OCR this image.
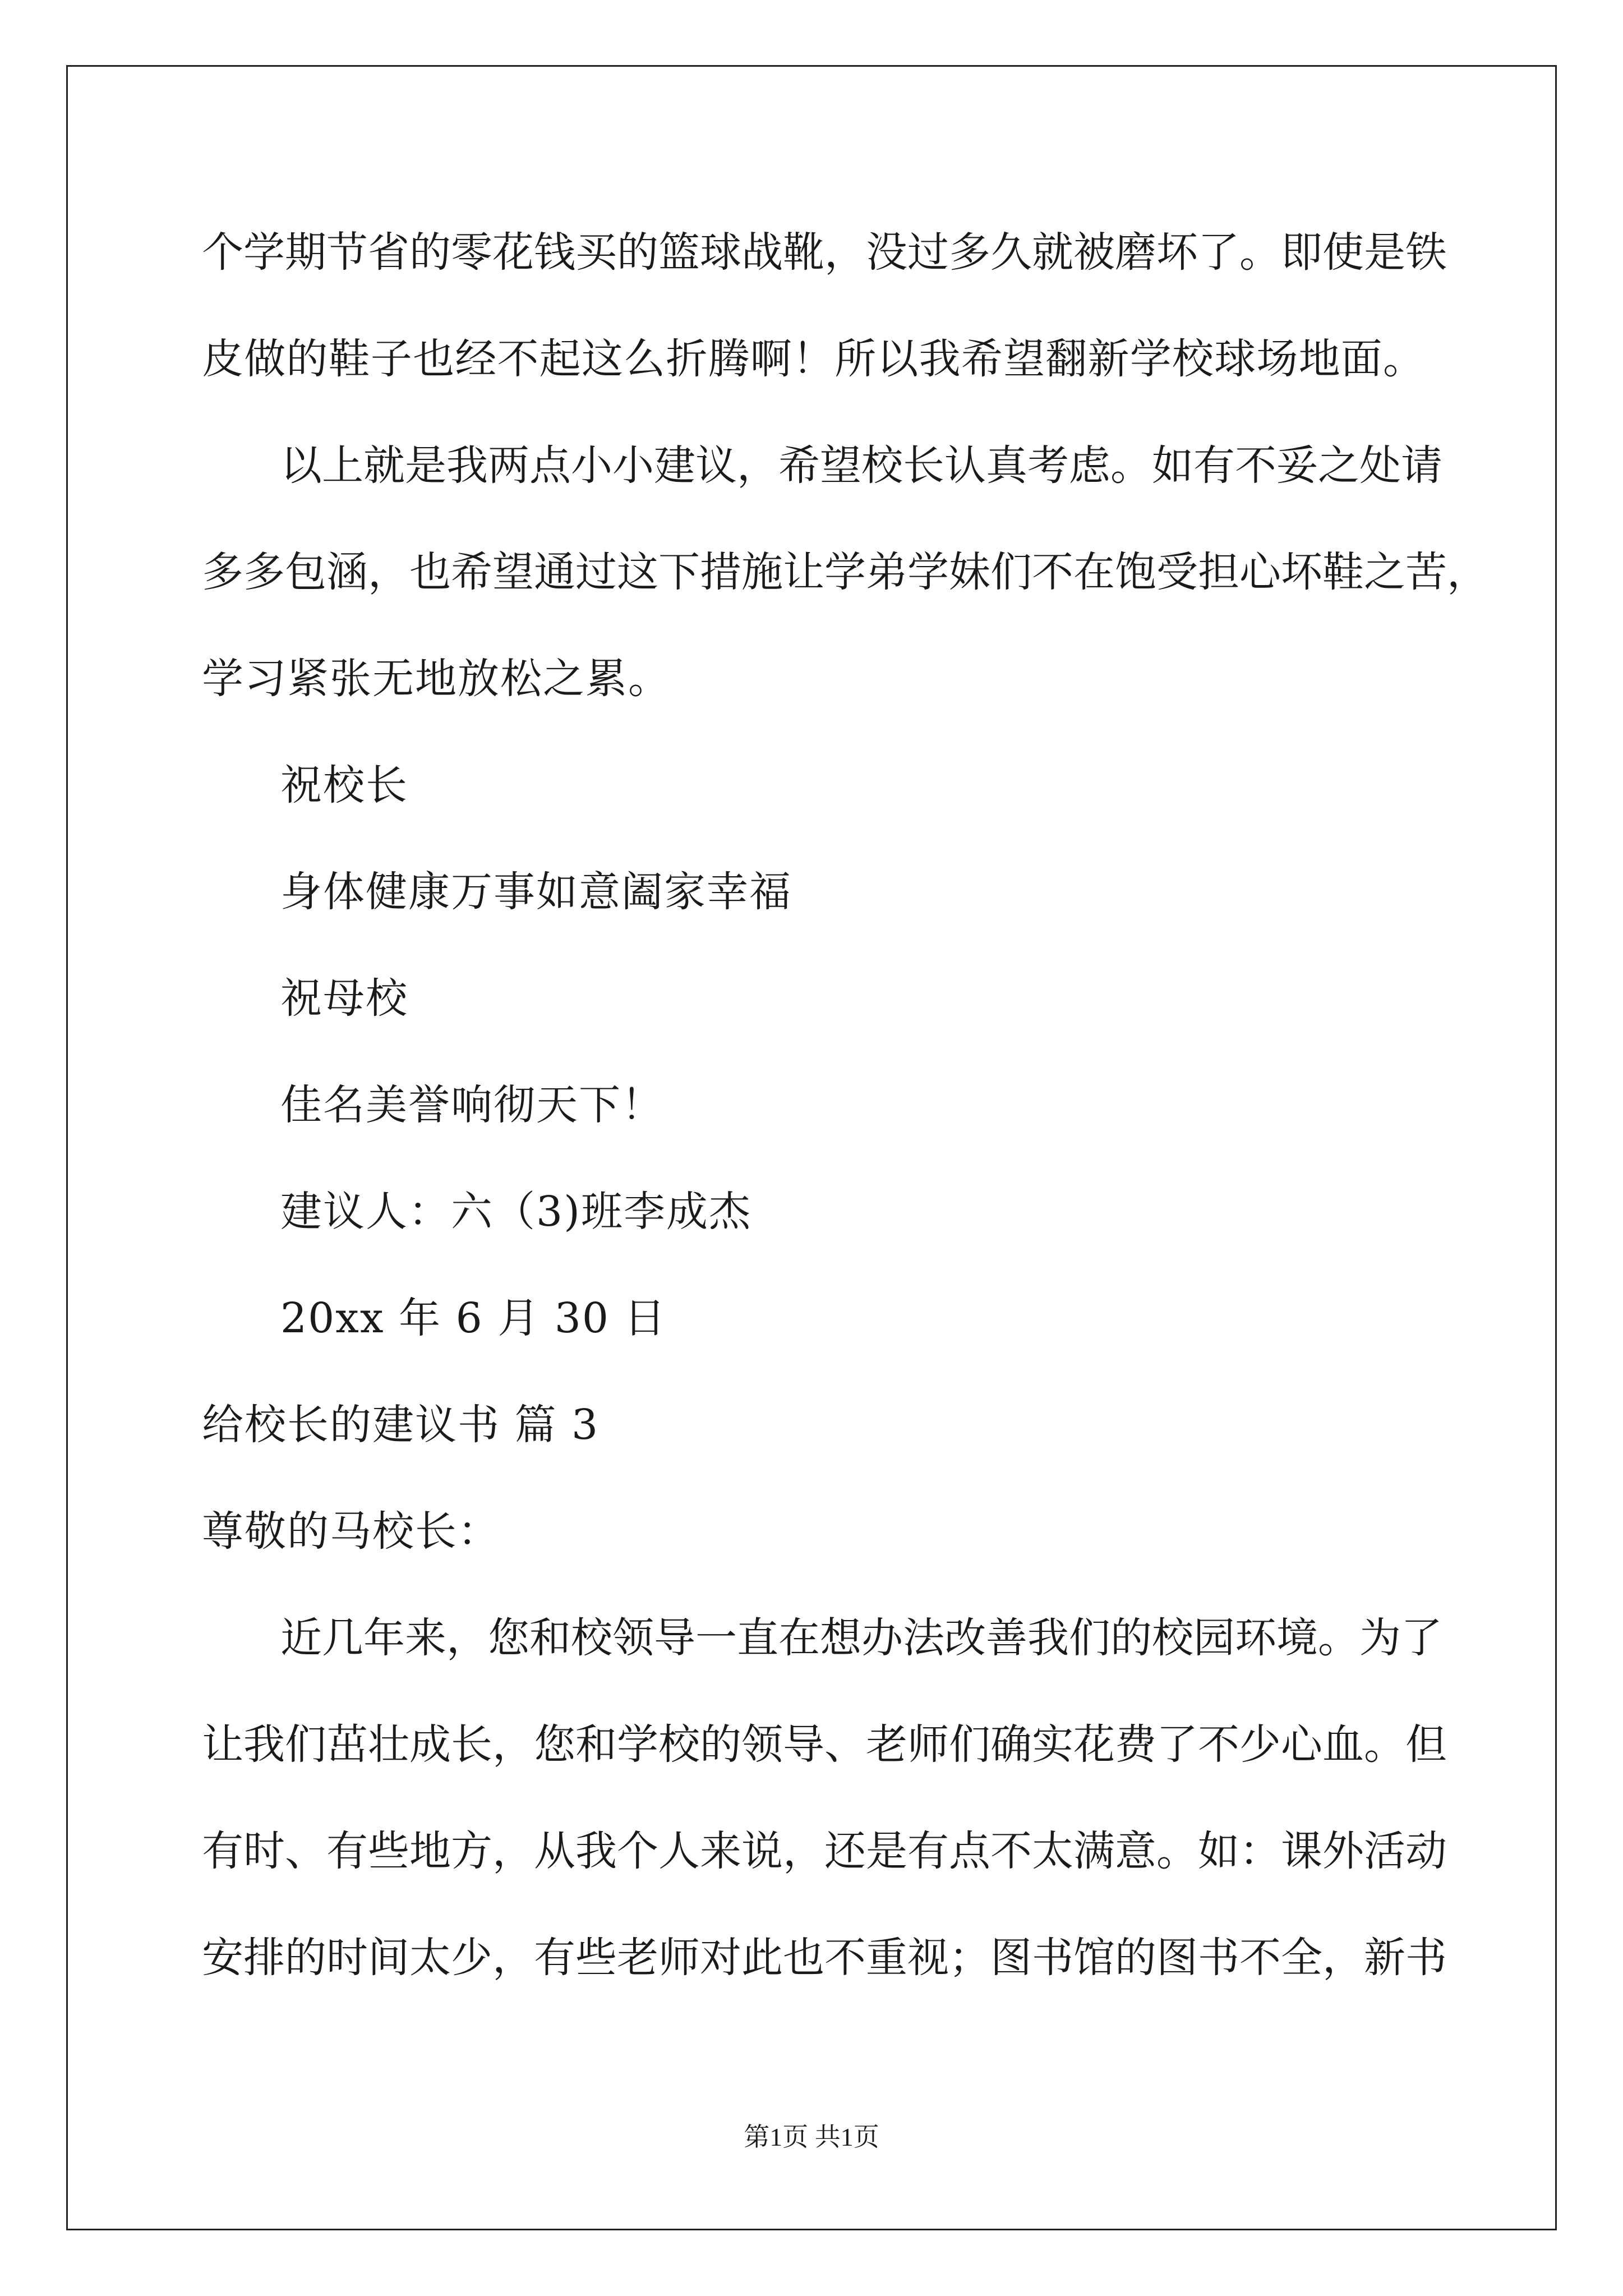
个学期节省的零花钱买的篮球战靴，没过多久就被磨坏了。即使是铁
皮做的鞋子也经不起这么折腾啊！所以我希望翻新学校球场地面。
以上就是我两点小小建议，希望校长认真考虑。如有不妥之处请
多多包涵，也希望通过这下措施让学弟学妹们不在饱受担心坏鞋之苦，
学习紧张无地放松之累。
祝校长
身体健康万事如意阖家幸福
祝母校
佳名美誉响彻天下！
建议人：六（3)班李成杰
20xx 年 6 月 30 日
给校长的建议书 篇 3
尊敬的马校长：
近几年来，您和校领导一直在想办法改善我们的校园环境。为了
让我们茁壮成长，您和学校的领导、老师们确实花费了不少心血。但
有时、有些地方，从我个人来说，还是有点不太满意。如：课外活动
安排的时间太少，有些老师对此也不重视；图书馆的图书不全，新书
第1页 共1页
